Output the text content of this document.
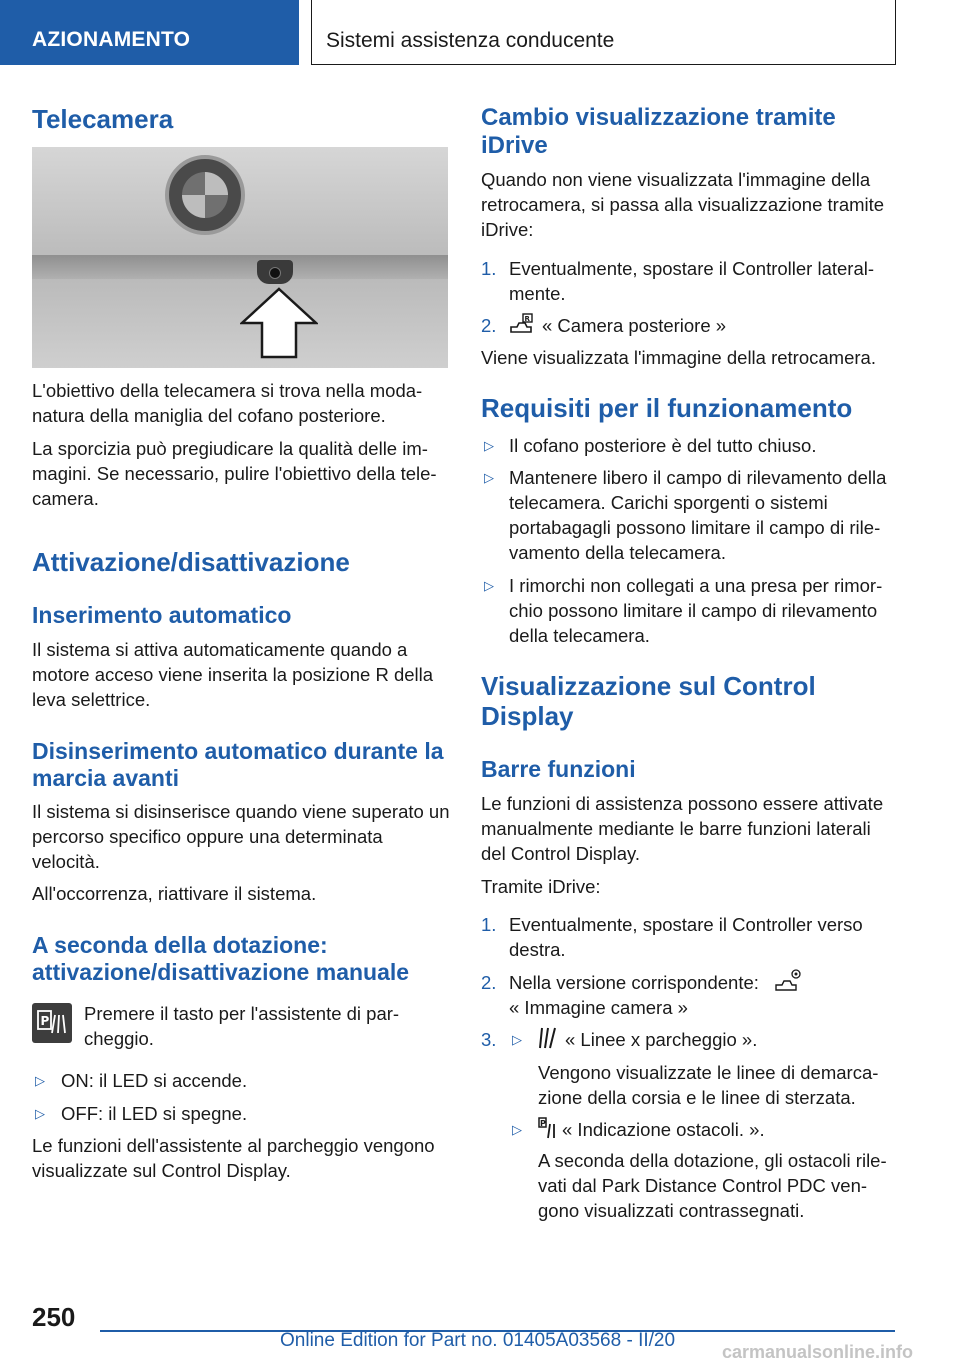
AZIONAMENTO	Sistemi assistenza conducente
Telecamera

L'obiettivo della telecamera si trova nella modanatura della maniglia del cofano posteriore.

La sporcizia può pregiudicare la qualità delle immagini. Se necessario, pulire l'obiettivo della telecamera.

Attivazione/disattivazione
Inserimento automatico

Il sistema si attiva automaticamente quando a motore acceso viene inserita la posizione R della leva selettrice.

Disinserimento automatico durante la marcia avanti

Il sistema si disinserisce quando viene superato un percorso specifico oppure una determinata velocità.

All'occorrenza, riattivare il sistema.

A seconda della dotazione: attivazione/disattivazione manuale
P Premere il tasto per l'assistente di parcheggio.

▷ ON: il LED si accende.
▷ OFF: il LED si spegne.

Le funzioni dell'assistente al parcheggio vengono visualizzate sul Control Display.

Cambio visualizzazione tramite iDrive

Quando non viene visualizzata l'immagine della retrocamera, si passa alla visualizzazione tramite iDrive:

1. Eventualmente, spostare il Controller lateralmente.
2.	R « Camera posteriore »

Viene visualizzata l'immagine della retrocamera.

Requisiti per il funzionamento
▷ Il cofano posteriore è del tutto chiuso.
▷ Mantenere libero il campo di rilevamento della telecamera. Carichi sporgenti o sistemi portabagagli possono limitare il campo di rilevamento della telecamera.
▷ I rimorchi non collegati a una presa per rimorchio possono limitare il campo di rilevamento della telecamera.
Visualizzazione sul Control Display
Barre funzioni

Le funzioni di assistenza possono essere attivate manualmente mediante le barre funzioni laterali del Control Display.

Tramite iDrive:

1. Eventualmente, spostare il Controller verso destra.
2. Nella versione corrispondente:
« Immagine camera »
3. ▷ « Linee x parcheggio ».

Vengono visualizzate le linee di demarcazione della corsia e le linee di sterzata.

▷ P « Indicazione ostacoli. ».

A seconda della dotazione, gli ostacoli rilevati dal Park Distance Control PDC vengono visualizzati contrassegnati.

250
Online Edition for Part no. 01405A03568 - II/20
carmanualsonline.info
